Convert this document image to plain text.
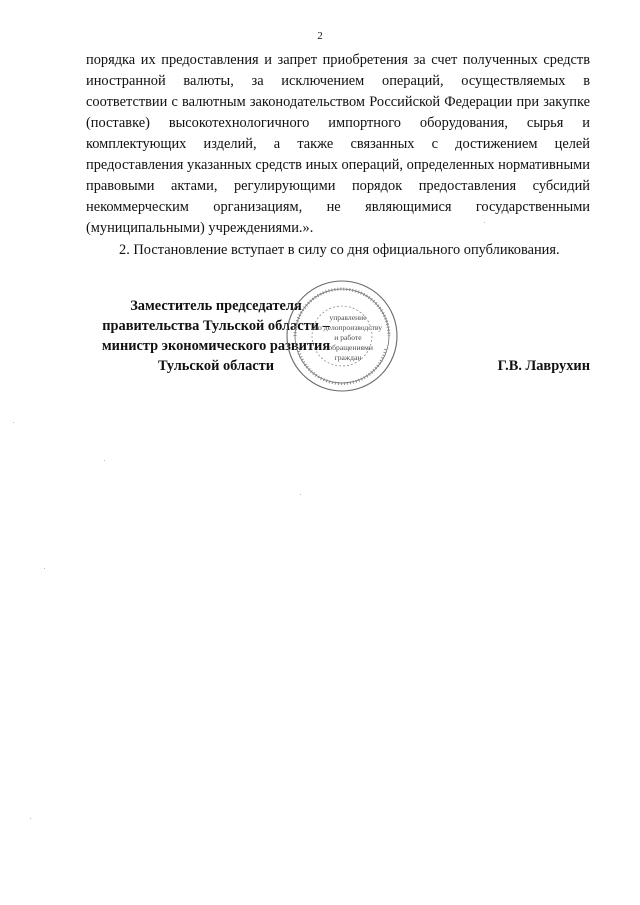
2

порядка их предоставления и запрет приобретения за счет полученных средств иностранной валюты, за исключением операций, осуществляемых в соответствии с валютным законодательством Российской Федерации при закупке (поставке) высокотехнологичного импортного оборудования, сырья и комплектующих изделий, а также связанных с достижением целей предоставления указанных средств иных операций, определенных нормативными правовыми актами, регулирующими порядок предоставления субсидий некоммерческим организациям, не являющимися государственными (муниципальными) учреждениями.».

2. Постановление вступает в силу со дня официального опубликования.

Заместитель председателя
правительства Тульской области –
министр экономического развития
Тульской области
управление
по делопроизводству
и работе
с обращениями
граждан
Г.В. Лаврухин
